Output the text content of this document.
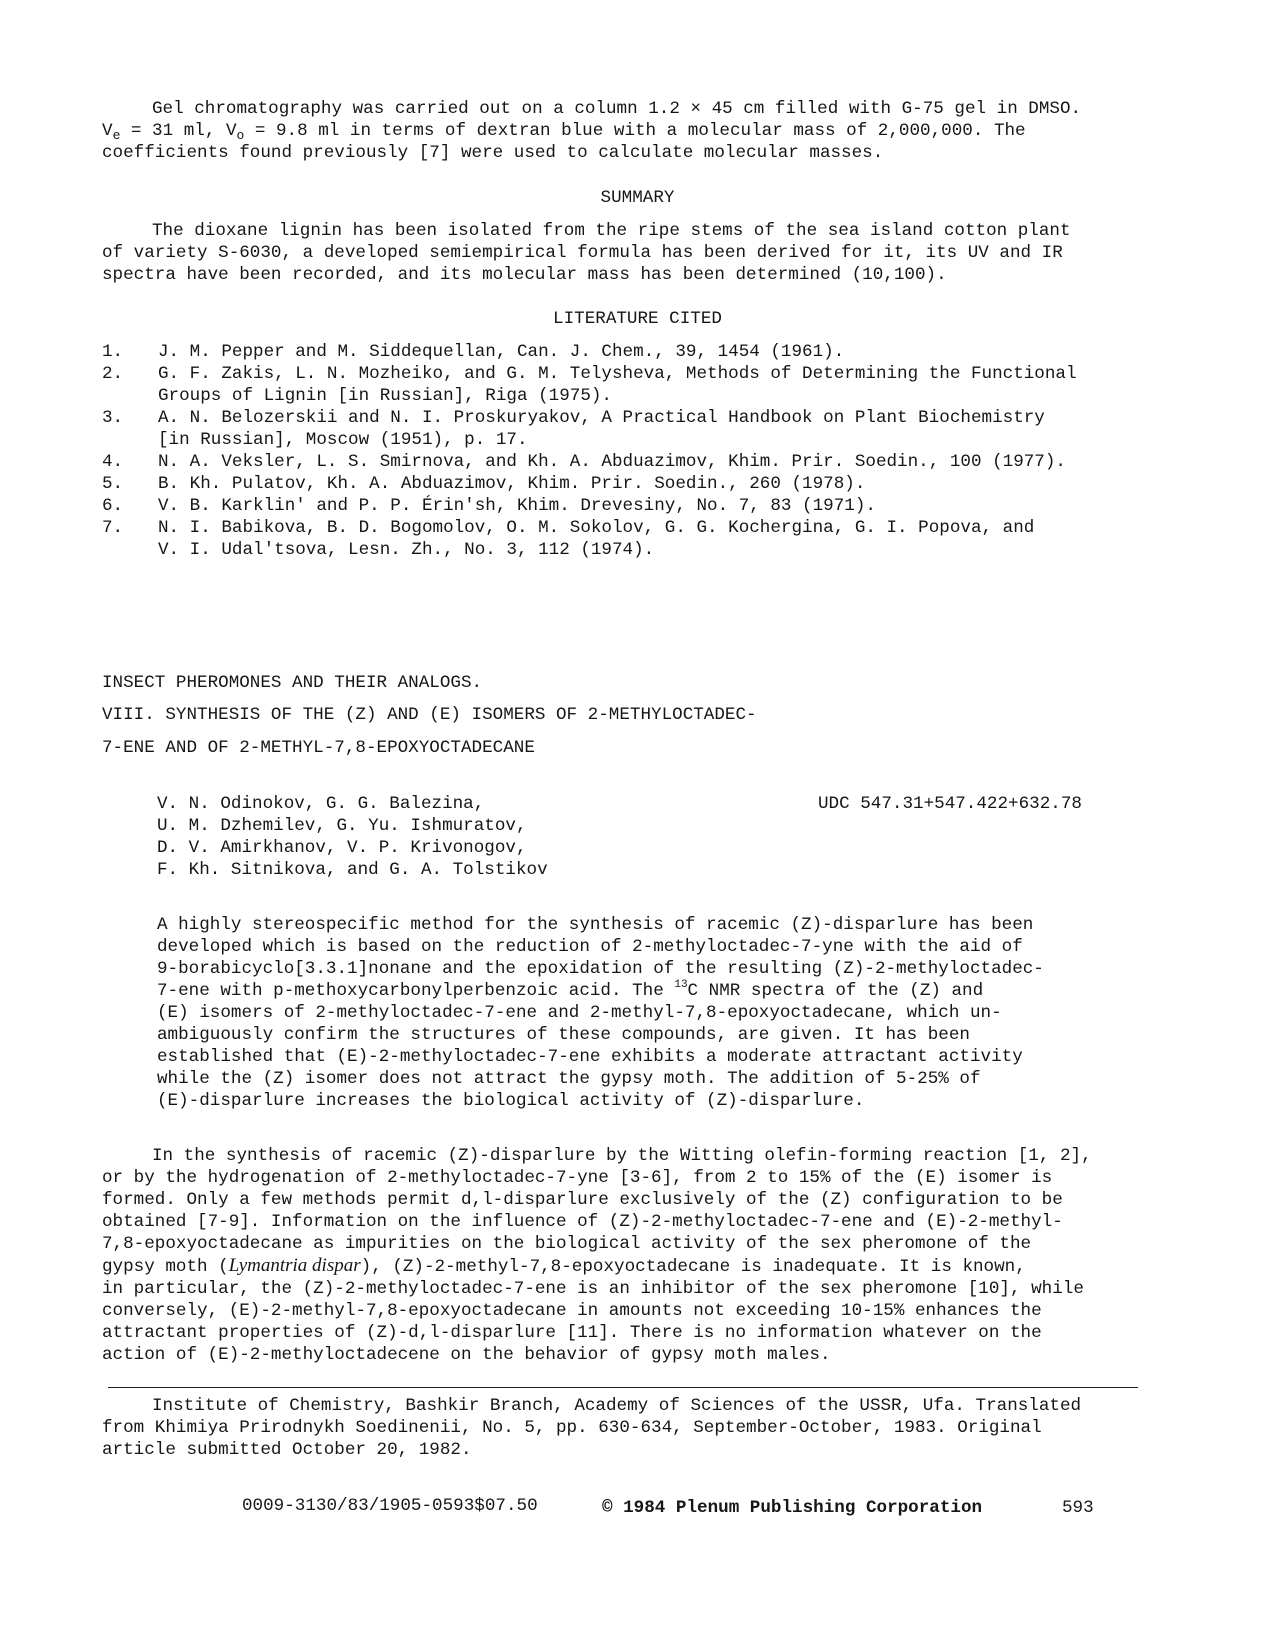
Gel chromatography was carried out on a column 1.2 × 45 cm filled with G-75 gel in DMSO.
$V_e = 31$ ml, $V_o = 9.8$ ml in terms of dextran blue with a molecular mass of 2,000,000. The
coefficients found previously [7] were used to calculate molecular masses.
SUMMARY
The dioxane lignin has been isolated from the ripe stems of the sea island cotton plant
of variety S-6030, a developed semiempirical formula has been derived for it, its UV and IR
spectra have been recorded, and its molecular mass has been determined (10,100).
LITERATURE CITED
1. J. M. Pepper and M. Siddequellan, Can. J. Chem., 39, 1454 (1961).
2. G. F. Zakis, L. N. Mozheiko, and G. M. Telysheva, Methods of Determining the Functional
Groups of Lignin [in Russian], Riga (1975).
3. A. N. Belozerskii and N. I. Proskuryakov, A Practical Handbook on Plant Biochemistry
[in Russian], Moscow (1951), p. 17.
4. N. A. Veksler, L. S. Smirnova, and Kh. A. Abduazimov, Khim. Prir. Soedin., 100 (1977).
5. B. Kh. Pulatov, Kh. A. Abduazimov, Khim. Prir. Soedin., 260 (1978).
6. V. B. Karklin' and P. P. Érin'sh, Khim. Drevesiny, No. 7, 83 (1971).
7. N. I. Babikova, B. D. Bogomolov, O. M. Sokolov, G. G. Kochergina, G. I. Popova, and
V. I. Udal'tsova, Lesn. Zh., No. 3, 112 (1974).
INSECT PHEROMONES AND THEIR ANALOGS.
VIII. SYNTHESIS OF THE (Z) AND (E) ISOMERS OF 2-METHYLOCTADEC-
7-ENE AND OF 2-METHYL-7,8-EPOXYOCTADECANE
V. N. Odinokov, G. G. Balezina,
U. M. Dzhemilev, G. Yu. Ishmuratov,
D. V. Amirkhanov, V. P. Krivonogov,
F. Kh. Sitnikova, and G. A. Tolstikov
UDC 547.31+547.422+632.78
A highly stereospecific method for the synthesis of racemic (Z)-disparlure has been
developed which is based on the reduction of 2-methyloctadec-7-yne with the aid of
9-borabicyclo[3.3.1]nonane and the epoxidation of the resulting (Z)-2-methyloctadec-
7-ene with p-methoxycarbonylperbenzoic acid. The $^{13}$C NMR spectra of the (Z) and
(E) isomers of 2-methyloctadec-7-ene and 2-methyl-7,8-epoxyoctadecane, which un-
ambiguously confirm the structures of these compounds, are given. It has been
established that (E)-2-methyloctadec-7-ene exhibits a moderate attractant activity
while the (Z) isomer does not attract the gypsy moth. The addition of 5-25% of
(E)-disparlure increases the biological activity of (Z)-disparlure.
In the synthesis of racemic (Z)-disparlure by the Witting olefin-forming reaction [1, 2],
or by the hydrogenation of 2-methyloctadec-7-yne [3-6], from 2 to 15% of the (E) isomer is
formed. Only a few methods permit d,l-disparlure exclusively of the (Z) configuration to be
obtained [7-9]. Information on the influence of (Z)-2-methyloctadec-7-ene and (E)-2-methyl-
7,8-epoxyoctadecane as impurities on the biological activity of the sex pheromone of the
gypsy moth (Lymantria dispar), (Z)-2-methyl-7,8-epoxyoctadecane is inadequate. It is known,
in particular, the (Z)-2-methyloctadec-7-ene is an inhibitor of the sex pheromone [10], while
conversely, (E)-2-methyl-7,8-epoxyoctadecane in amounts not exceeding 10-15% enhances the
attractant properties of (Z)-d,l-disparlure [11]. There is no information whatever on the
action of (E)-2-methyloctadecene on the behavior of gypsy moth males.
Institute of Chemistry, Bashkir Branch, Academy of Sciences of the USSR, Ufa. Translated
from Khimiya Prirodnykh Soedinenii, No. 5, pp. 630-634, September-October, 1983. Original
article submitted October 20, 1982.
0009-3130/83/1905-0593$07.50	© 1984 Plenum Publishing Corporation	593
